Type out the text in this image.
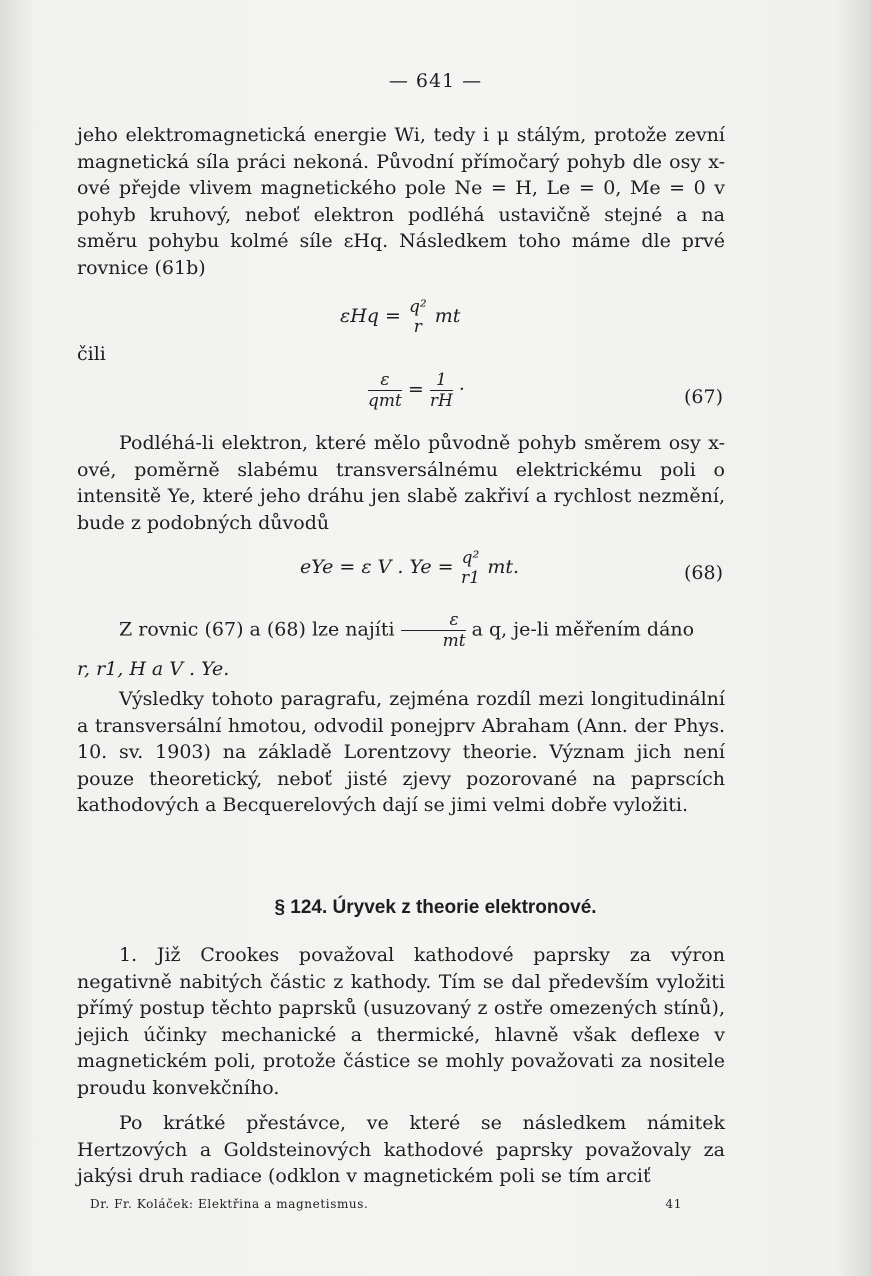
— 641 —

jeho elektromagnetická energie Wi, tedy i μ stálým, protože zevní magnetická síla práci nekoná. Původní přímočarý pohyb dle osy x-ové přejde vlivem magnetického pole Ne = H, Le = 0, Me = 0 v pohyb kruhový, neboť elektron podléhá ustavičně stejné a na směru pohybu kolmé síle εHq. Následkem toho máme dle prvé rovnice (61b)

εHq = q²
r mt
čili
$\frac{\varepsilon}{\text{qmt}} = \frac{1}{rH}$ ·	(67)

Podléhá-li elektron, které mělo původně pohyb směrem osy x-ové, poměrně slabému transversálnému elektrickému poli o intensitě Ye, které jeho dráhu jen slabě zakřiví a rychlost nezmění, bude z podobných důvodů

eYe = ε V . Ye = q²
r1 mt.	(68)
Z rovnic (67) a (68) lze najíti $\frac{\varepsilon}{mt}$ a q, je-li měřením dáno
r, r1, H a V . Ye.

Výsledky tohoto paragrafu, zejména rozdíl mezi longitudinální a transversální hmotou, odvodil ponejprv Abraham (Ann. der Phys. 10. sv. 1903) na základě Lorentzovy theorie. Význam jich není pouze theoretický, neboť jisté zjevy pozorované na paprscích kathodových a Becquerelových dají se jimi velmi dobře vyložiti.

§ 124. Úryvek z theorie elektronové.

1. Již Crookes považoval kathodové paprsky za výron negativně nabitých částic z kathody. Tím se dal především vyložiti přímý postup těchto paprsků (usuzovaný z ostře omezených stínů), jejich účinky mechanické a thermické, hlavně však deflexe v magnetickém poli, protože částice se mohly považovati za nositele proudu konvekčního.

Po krátké přestávce, ve které se následkem námitek Hertzových a Goldsteinových kathodové paprsky považovaly za jakýsi druh radiace (odklon v magnetickém poli se tím arciť

Dr. Fr. Koláček: Elektřina a magnetismus.	41
